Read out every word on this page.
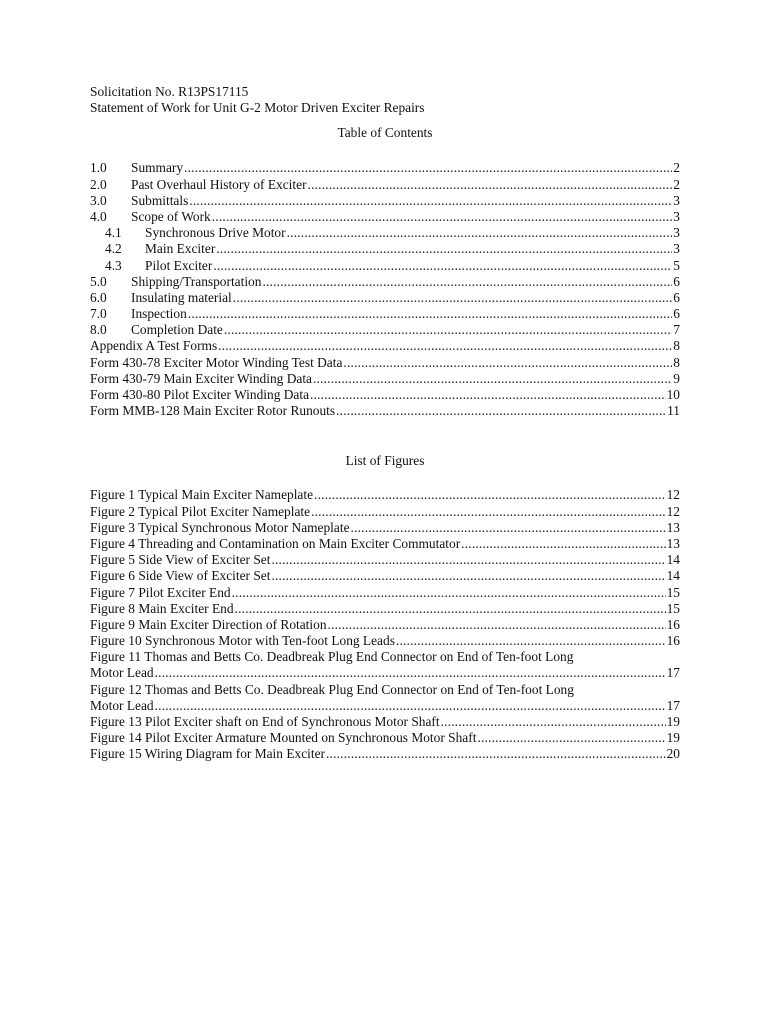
Solicitation No. R13PS17115
Statement of Work for Unit G-2 Motor Driven Exciter Repairs
Table of Contents
1.0	Summary .....	2
2.0	Past Overhaul History of Exciter .....	2
3.0	Submittals .....	3
4.0	Scope of Work .....	3
4.1	Synchronous Drive Motor .....	3
4.2	Main Exciter .....	3
4.3	Pilot Exciter .....	5
5.0	Shipping/Transportation .....	6
6.0	Insulating material .....	6
7.0	Inspection .....	6
8.0	Completion Date .....	7
Appendix A Test Forms .....	8
Form 430-78 Exciter Motor Winding Test Data .....	8
Form 430-79 Main Exciter Winding Data .....	9
Form 430-80 Pilot Exciter Winding Data .....	10
Form MMB-128 Main Exciter Rotor Runouts .....	11
List of Figures
Figure 1 Typical Main Exciter Nameplate .....	12
Figure 2 Typical Pilot Exciter Nameplate .....	12
Figure 3 Typical Synchronous Motor Nameplate .....	13
Figure 4 Threading and Contamination on Main Exciter Commutator .....	13
Figure 5 Side View of Exciter Set .....	14
Figure 6 Side View of Exciter Set .....	14
Figure 7 Pilot Exciter End .....	15
Figure 8 Main Exciter End .....	15
Figure 9 Main Exciter Direction of Rotation .....	16
Figure 10 Synchronous Motor with Ten-foot Long Leads .....	16
Figure 11 Thomas and Betts Co. Deadbreak Plug End Connector on End of Ten-foot Long
Motor Lead .....	17
Figure 12 Thomas and Betts Co. Deadbreak Plug End Connector on End of Ten-foot Long
Motor Lead .....	17
Figure 13 Pilot Exciter shaft on End of Synchronous Motor Shaft .....	19
Figure 14 Pilot Exciter Armature Mounted on Synchronous Motor Shaft .....	19
Figure 15 Wiring Diagram for Main Exciter .....	20
